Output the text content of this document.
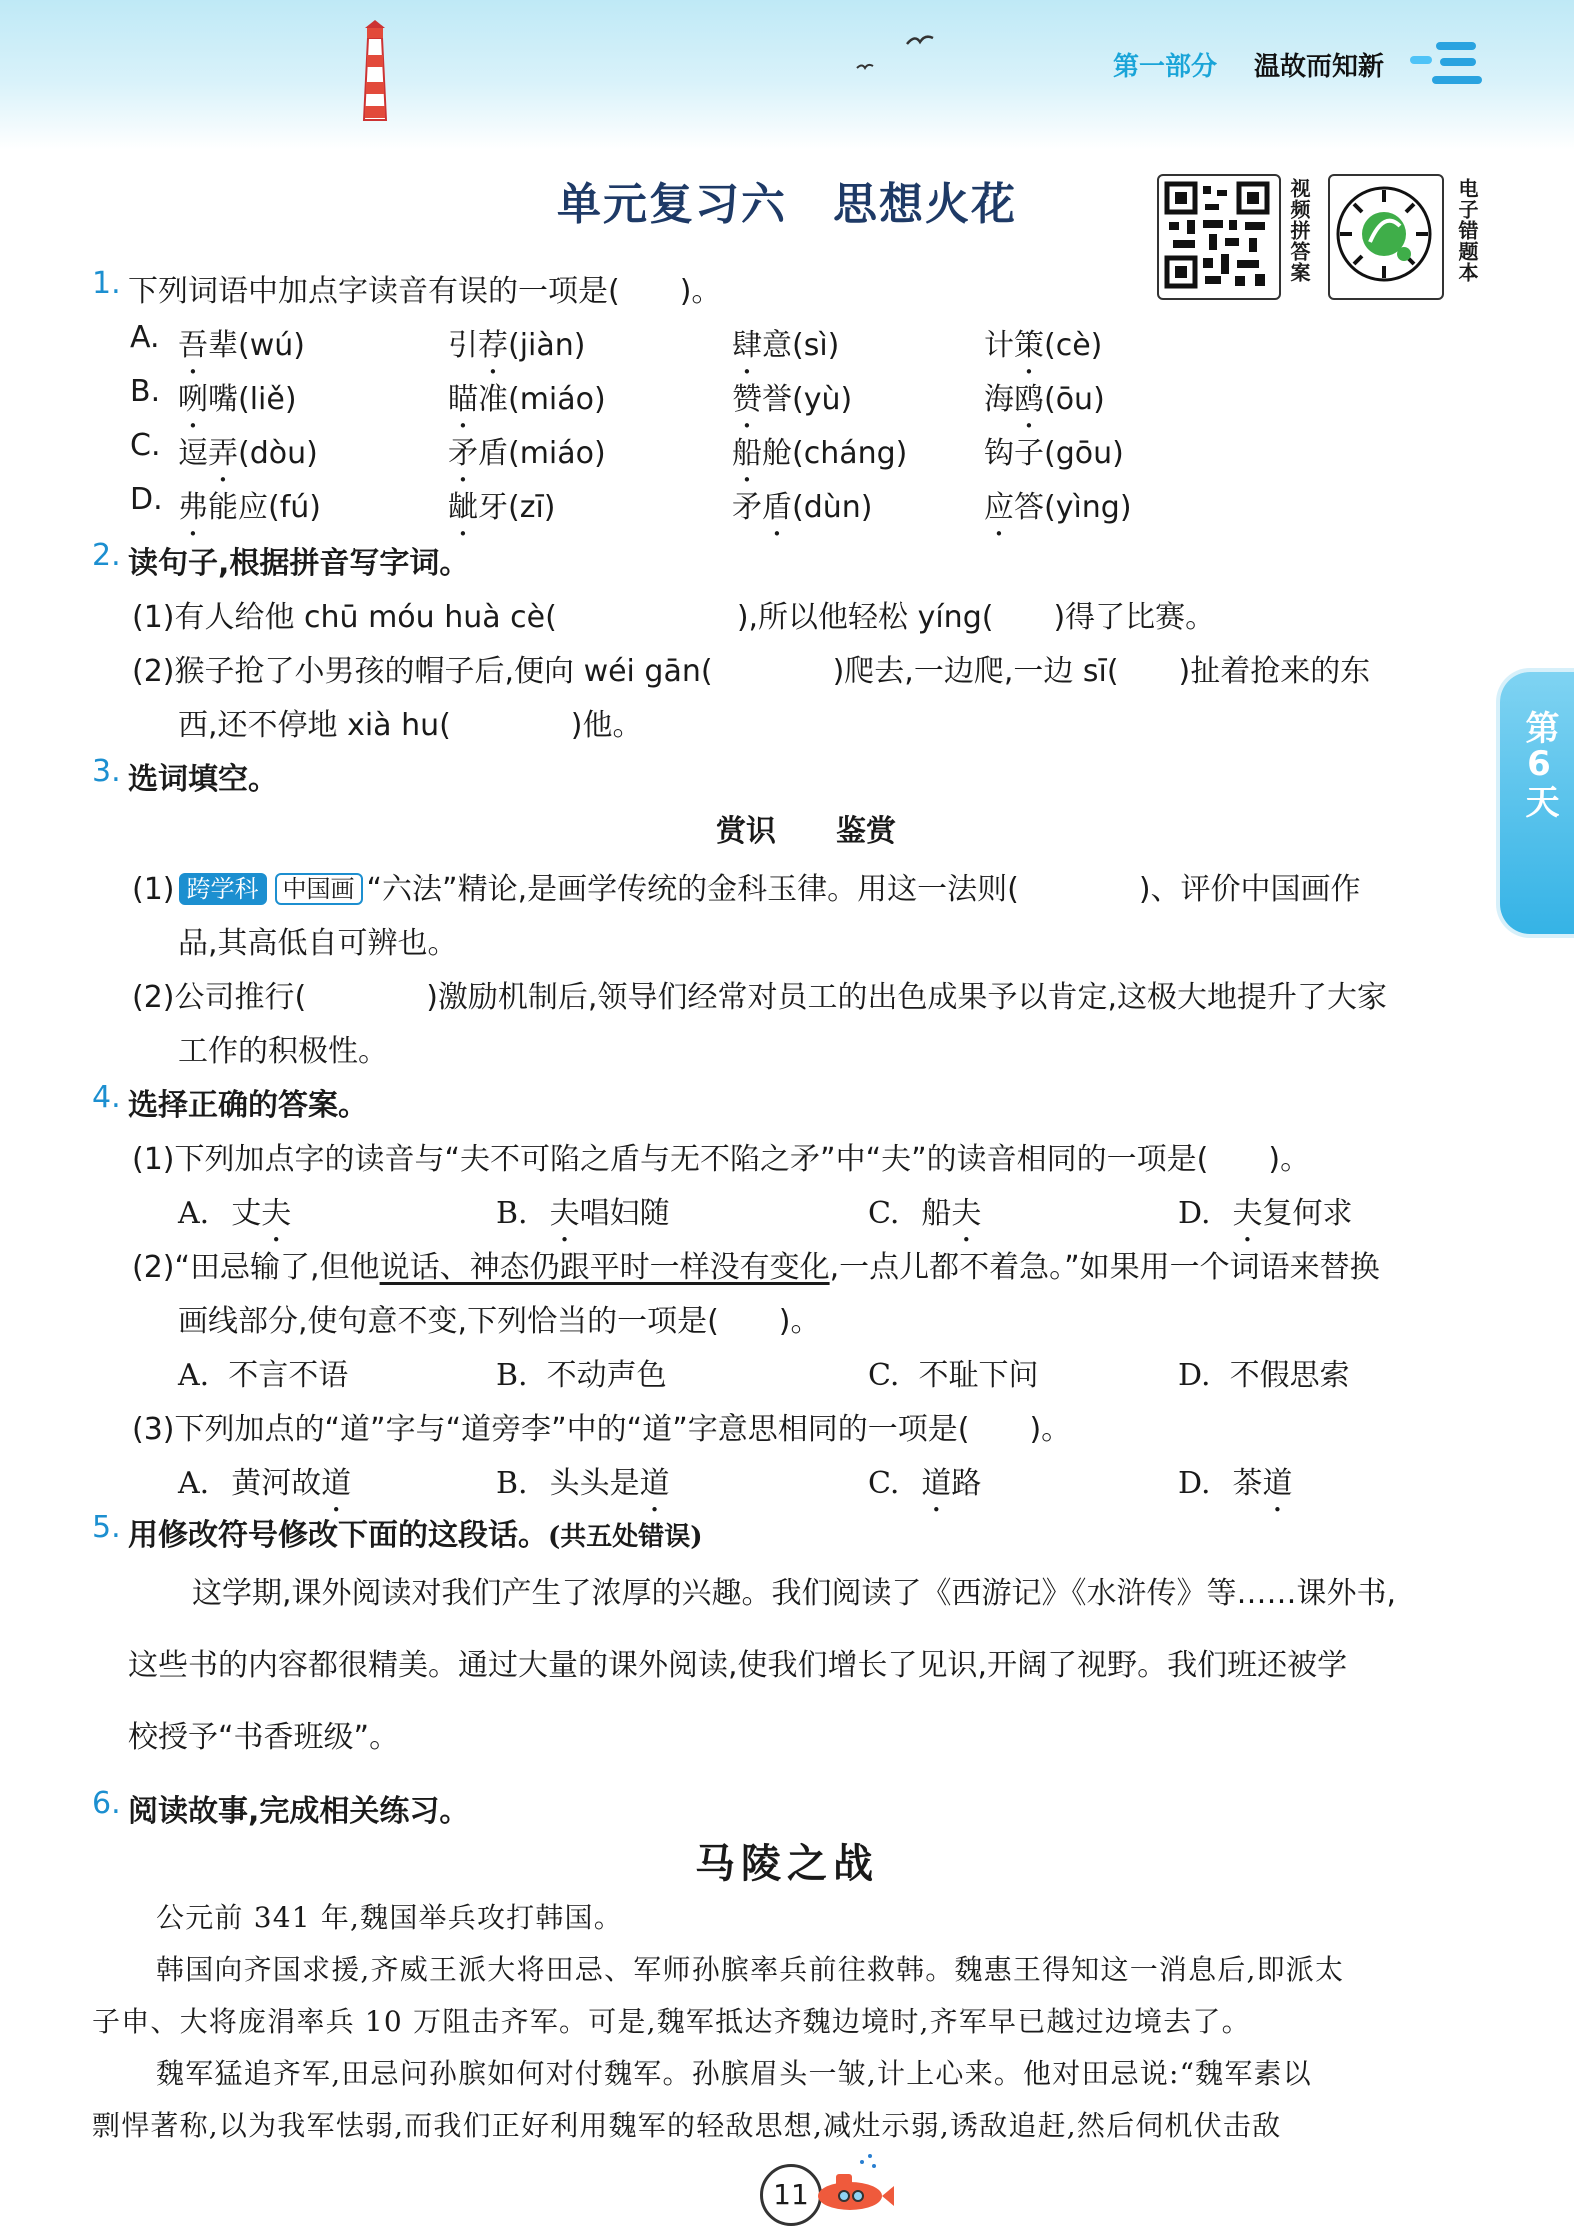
第一部分 温故而知新
单元复习六　思想火花	视频拼答案	电子错题本
第6天
1. 下列词语中加点字读音有误的一项是(　　)。
A. 吾辈(wú)	引荐(jiàn)	肆意(sì)	计策(cè)
B. 咧嘴(liě)	瞄准(miáo)	赞誉(yù)	海鸥(ōu)
C. 逗弄(dòu)	矛盾(miáo)	船舱(cháng)	钩子(gōu)
D. 弗能应(fú)	龇牙(zī)	矛盾(dùn)	应答(yìng)
2. 读句子,根据拼音写字词。
(1)有人给他 chū móu huà cè(　　　　　　),所以他轻松 yíng(　　)得了比赛。
(2)猴子抢了小男孩的帽子后,便向 wéi gān(　　　　)爬去,一边爬,一边 sī(　　)扯着抢来的东
西,还不停地 xià hu(　　　　)他。
3. 选词填空。
赏识　　鉴赏
(1) 跨学科 中国画 “六法”精论,是画学传统的金科玉律。用这一法则(　　　　)、评价中国画作
品,其高低自可辨也。
(2)公司推行(　　　　)激励机制后,领导们经常对员工的出色成果予以肯定,这极大地提升了大家
工作的积极性。
4. 选择正确的答案。
(1)下列加点字的读音与“夫不可陷之盾与无不陷之矛”中“夫”的读音相同的一项是(　　)。
A. 丈夫	B. 夫唱妇随	C. 船夫	D. 夫复何求
(2)“田忌输了,但他说话、神态仍跟平时一样没有变化,一点儿都不着急。”如果用一个词语来替换
画线部分,使句意不变,下列恰当的一项是(　　)。
A.  不言不语	B.  不动声色	C.  不耻下问	D.  不假思索
(3)下列加点的“道”字与“道旁李”中的“道”字意思相同的一项是(　　)。
A. 黄河故道	B. 头头是道	C. 道路	D. 茶道
5. 用修改符号修改下面的这段话。(共五处错误)
这学期,课外阅读对我们产生了浓厚的兴趣。我们阅读了《西游记》《水浒传》等……课外书,
这些书的内容都很精美。通过大量的课外阅读,使我们增长了见识,开阔了视野。我们班还被学
校授予“书香班级”。
6. 阅读故事,完成相关练习。
马陵之战
公元前 341 年,魏国举兵攻打韩国。
韩国向齐国求援,齐威王派大将田忌、军师孙膑率兵前往救韩。魏惠王得知这一消息后,即派太
子申、大将庞涓率兵 10 万阻击齐军。可是,魏军抵达齐魏边境时,齐军早已越过边境去了。
魏军猛追齐军,田忌问孙膑如何对付魏军。孙膑眉头一皱,计上心来。他对田忌说:“魏军素以
剽悍著称,以为我军怯弱,而我们正好利用魏军的轻敌思想,减灶示弱,诱敌追赶,然后伺机伏击敌
11
